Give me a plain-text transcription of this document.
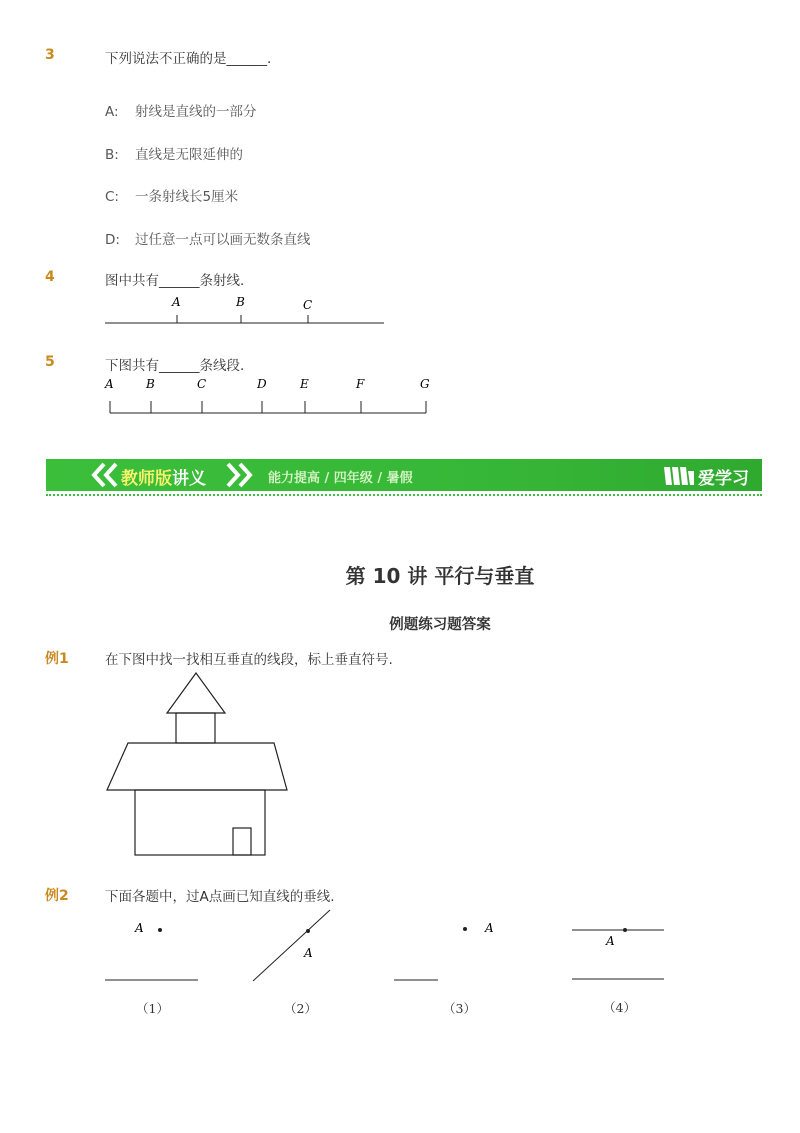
3	下列说法不正确的是______.
A: 射线是直线的一部分
B: 直线是无限延伸的
C: 一条射线长5厘米
D: 过任意一点可以画无数条直线
4	图中共有______条射线.
A	B	C
5	下图共有______条线段.
A	B	C	D	E	F	G
教师版 讲义	能力提高 / 四年级 / 暑假	爱学习
第 10 讲 平行与垂直
例题练习题答案
例1	在下图中找一找相互垂直的线段，标上垂直符号.
例2	下面各题中，过A点画已知直线的垂线.
A
A
A
A
（1）	（2）	（3）	（4）
